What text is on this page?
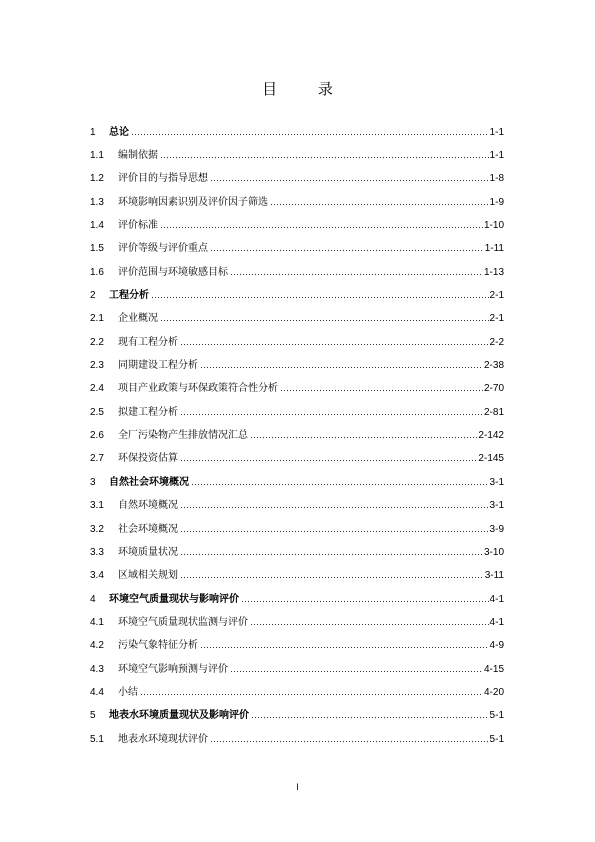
目 录
1	总论	1-1
1.1	编制依据	1-1
1.2	评价目的与指导思想	1-8
1.3	环境影响因素识别及评价因子筛选	1-9
1.4	评价标准	1-10
1.5	评价等级与评价重点	1-11
1.6	评价范围与环境敏感目标	1-13
2	工程分析	2-1
2.1	企业概况	2-1
2.2	现有工程分析	2-2
2.3	同期建设工程分析	2-38
2.4	项目产业政策与环保政策符合性分析	2-70
2.5	拟建工程分析	2-81
2.6	全厂污染物产生排放情况汇总	2-142
2.7	环保投资估算	2-145
3	自然社会环境概况	3-1
3.1	自然环境概况	3-1
3.2	社会环境概况	3-9
3.3	环境质量状况	3-10
3.4	区域相关规划	3-11
4	环境空气质量现状与影响评价	4-1
4.1	环境空气质量现状监测与评价	4-1
4.2	污染气象特征分析	4-9
4.3	环境空气影响预测与评价	4-15
4.4	小结	4-20
5	地表水环境质量现状及影响评价	5-1
5.1	地表水环境现状评价	5-1
I
